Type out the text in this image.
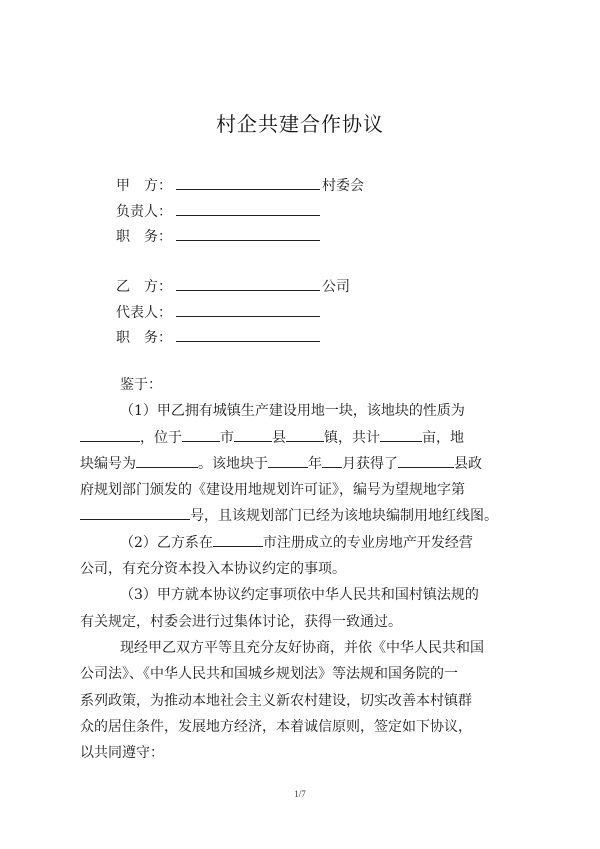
村企共建合作协议
甲　方：	村委会
负责人：
职　务：
乙　方：	公司
代表人：
职　务：
鉴于：
（1）甲乙拥有城镇生产建设用地一块，该地块的性质为
，位于	市	县	镇，共计	亩，地
块编号为	。该地块于	年 月获得了	县政
府规划部门颁发的《建设用地规划许可证》，编号为望规地字第
号，且该规划部门已经为该地块编制用地红线图。
（2）乙方系在	市注册成立的专业房地产开发经营
公司，有充分资本投入本协议约定的事项。
（3）甲方就本协议约定事项依中华人民共和国村镇法规的
有关规定，村委会进行过集体讨论，获得一致通过。
现经甲乙双方平等且充分友好协商，并依《中华人民共和国
公司法》、《中华人民共和国城乡规划法》等法规和国务院的一
系列政策，为推动本地社会主义新农村建设，切实改善本村镇群
众的居住条件，发展地方经济，本着诚信原则，签定如下协议，
以共同遵守：
1/7
